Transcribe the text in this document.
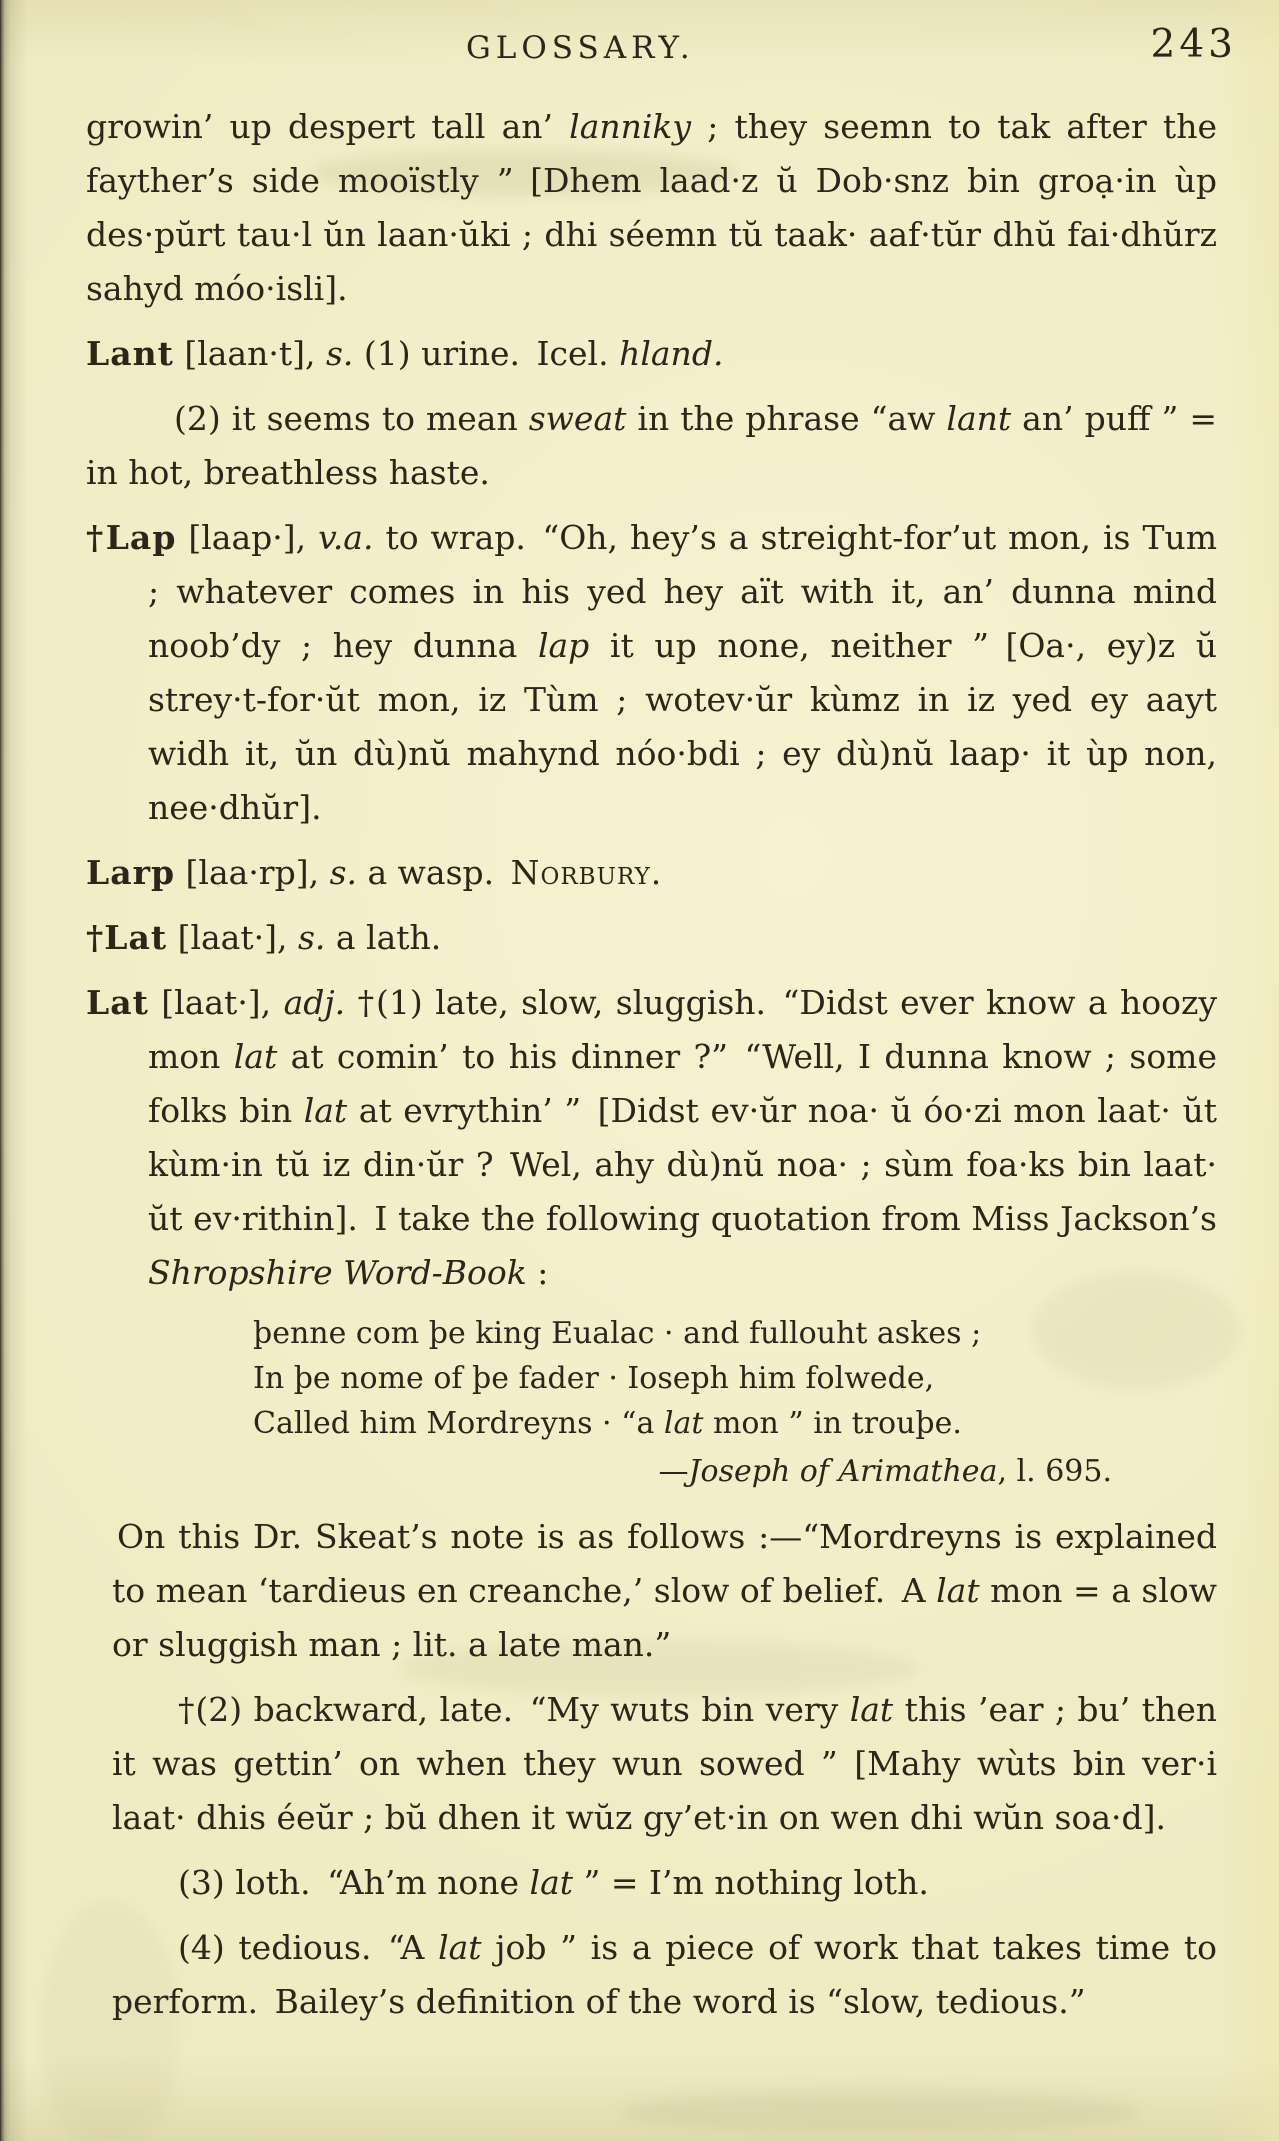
GLOSSARY.	243

growin’ up despert tall an’ lanniky ; they seemn to tak after the fayther’s side mooïstly ” [Dhem laad·z ŭ Dob·snz bin groạ·in ùp des·pŭrt tau·l ŭn laan·ŭki ; dhi séemn tŭ taak· aaf·tŭr dhŭ fai·dhŭrz sahyd móo·isli].

Lant [laan·t], s. (1) urine. Icel. hland.

(2) it seems to mean sweat in the phrase “aw lant an’ puff ” = in hot, breathless haste.

†Lap [laap·], v.a. to wrap. “Oh, hey’s a streight-for’ut mon, is Tum ; whatever comes in his yed hey aït with it, an’ dunna mind noob’dy ; hey dunna lap it up none, neither ” [Oa·, ey)z ŭ strey·t-for·ŭt mon, iz Tùm ; wotev·ŭr kùmz in iz yed ey aayt widh it, ŭn dù)nŭ mahynd nóo·bdi ; ey dù)nŭ laap· it ùp non, nee·dhŭr].

Larp [laa·rp], s. a wasp. Norbury.

†Lat [laat·], s. a lath.

Lat [laat·], adj. †(1) late, slow, sluggish. “Didst ever know a hoozy mon lat at comin’ to his dinner ?” “Well, I dunna know ; some folks bin lat at evrythin’ ” [Didst ev·ŭr noa· ŭ óo·zi mon laat· ŭt kùm·in tŭ iz din·ŭr ? Wel, ahy dù)nŭ noa· ; sùm foa·ks bin laat· ŭt ev·rithin]. I take the following quotation from Miss Jackson’s Shropshire Word-Book :

þenne com þe king Eualac · and fullouht askes ;

In þe nome of þe fader · Ioseph him folwede,

Called him Mordreyns · “a lat mon ” in trouþe.

—Joseph of Arimathea, l. 695.

On this Dr. Skeat’s note is as follows :—“Mordreyns is explained to mean ‘tardieus en creanche,’ slow of belief. A lat mon = a slow or sluggish man ; lit. a late man.”

†(2) backward, late. “My wuts bin very lat this ’ear ; bu’ then it was gettin’ on when they wun sowed ” [Mahy wùts bin ver·i laat· dhis éeŭr ; bŭ dhen it wŭz gy’et·in on wen dhi wŭn soa·d].

(3) loth. “Ah’m none lat ” = I’m nothing loth.

(4) tedious. “A lat job ” is a piece of work that takes time to perform. Bailey’s definition of the word is “slow, tedious.”
